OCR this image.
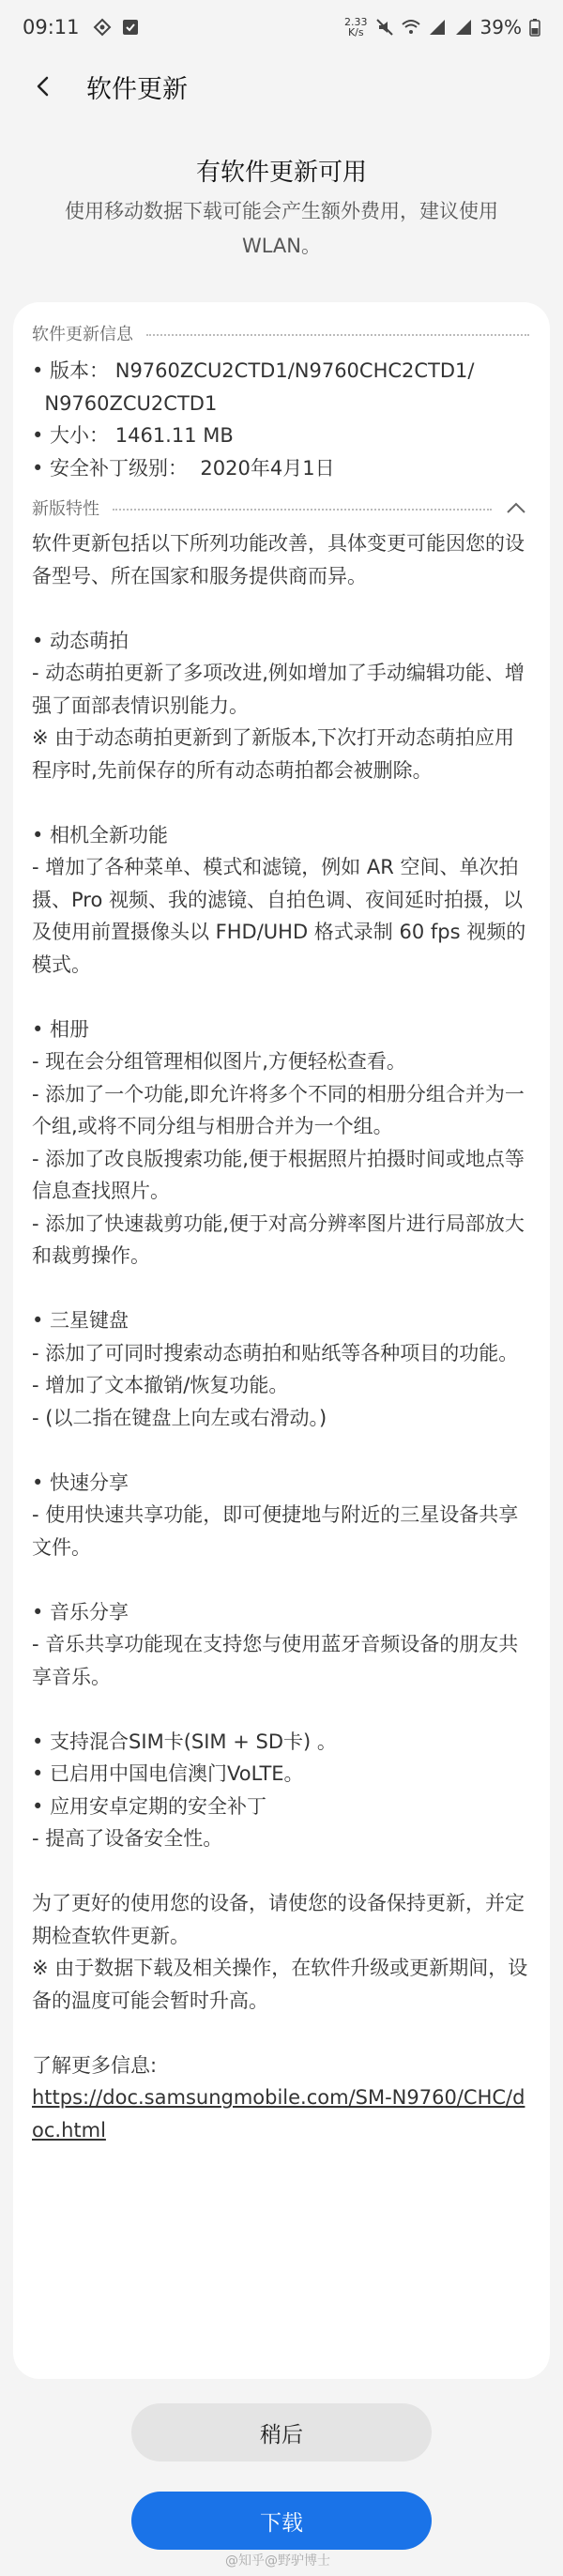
09:11	2.33
K/s	39%
软件更新
有软件更新可用
使用移动数据下载可能会产生额外费用，建议使用 WLAN。
软件更新信息
• 版本： N9760ZCU2CTD1/N9760CHC2CTD1/
N9760ZCU2CTD1
• 大小： 1461.11 MB
• 安全补丁级别：  2020年4月1日
新版特性
软件更新包括以下所列功能改善，具体变更可能因您的设备型号、所在国家和服务提供商而异。

• 动态萌拍
- 动态萌拍更新了多项改进,例如增加了手动编辑功能、增强了面部表情识别能力。
※ 由于动态萌拍更新到了新版本,下次打开动态萌拍应用程序时,先前保存的所有动态萌拍都会被删除。

• 相机全新功能
- 增加了各种菜单、模式和滤镜，例如 AR 空间、单次拍摄、Pro 视频、我的滤镜、自拍色调、夜间延时拍摄，以及使用前置摄像头以 FHD/UHD 格式录制 60 fps 视频的模式。

• 相册
- 现在会分组管理相似图片,方便轻松查看。
- 添加了一个功能,即允许将多个不同的相册分组合并为一个组,或将不同分组与相册合并为一个组。
- 添加了改良版搜索功能,便于根据照片拍摄时间或地点等信息查找照片。
- 添加了快速裁剪功能,便于对高分辨率图片进行局部放大和裁剪操作。

• 三星键盘
- 添加了可同时搜索动态萌拍和贴纸等各种项目的功能。
- 增加了文本撤销/恢复功能。
- (以二指在键盘上向左或右滑动。)

• 快速分享
- 使用快速共享功能，即可便捷地与附近的三星设备共享文件。

• 音乐分享
- 音乐共享功能现在支持您与使用蓝牙音频设备的朋友共享音乐。

• 支持混合SIM卡(SIM + SD卡) 。
• 已启用中国电信澳门VoLTE。
• 应用安卓定期的安全补丁
- 提高了设备安全性。

为了更好的使用您的设备，请使您的设备保持更新，并定期检查软件更新。
※ 由于数据下载及相关操作，在软件升级或更新期间，设备的温度可能会暂时升高。

了解更多信息:
https://doc.samsungmobile.com/SM-N9760/CHC/doc.html
稍后
下载
@知乎@野驴博士
